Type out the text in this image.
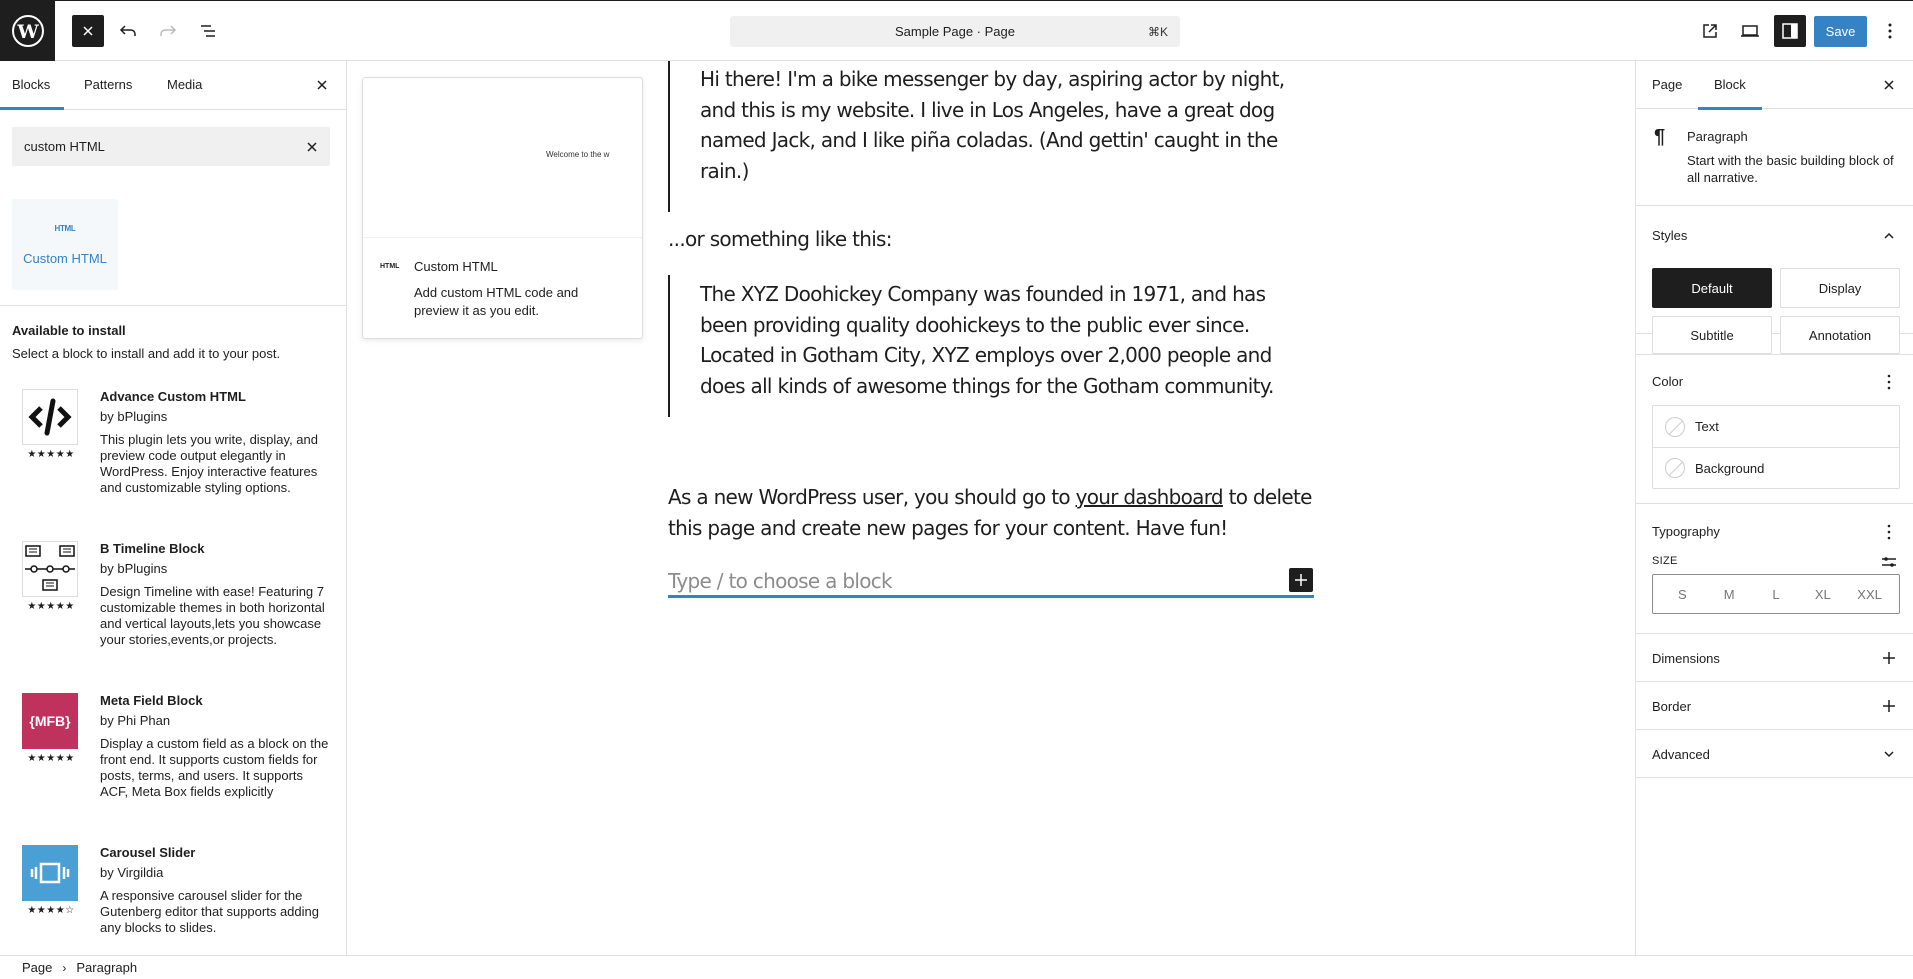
W	Sample Page · Page	⌘K	Save
Blocks	Patterns	Media
custom HTML
HTML
Custom HTML
Available to install
Select a block to install and add it to your post.
★★★★★
Advance Custom HTML
by bPlugins
This plugin lets you write, display, and preview code output elegantly in WordPress. Enjoy interactive features and customizable styling options.
★★★★★
B Timeline Block
by bPlugins
Design Timeline with ease! Featuring 7 customizable themes in both horizontal and vertical layouts,lets you showcase your stories,events,or projects.
{MFB}
★★★★★
Meta Field Block
by Phi Phan
Display a custom field as a block on the front end. It supports custom fields for posts, terms, and users. It supports ACF, Meta Box fields explicitly
★★★★☆
Carousel Slider
by Virgildia
A responsive carousel slider for the Gutenberg editor that supports adding any blocks to slides.
Hi there! I'm a bike messenger by day, aspiring actor by night, and this is my website. I live in Los Angeles, have a great dog named Jack, and I like piña coladas. (And gettin' caught in the rain.)
...or something like this:
The XYZ Doohickey Company was founded in 1971, and has been providing quality doohickeys to the public ever since. Located in Gotham City, XYZ employs over 2,000 people and does all kinds of awesome things for the Gotham community.
As a new WordPress user, you should go to your dashboard to delete this page and create new pages for your content. Have fun!
Type / to choose a block
Welcome to the w
HTML Custom HTML
Add custom HTML code and preview it as you edit.
Page Block
¶ Paragraph
Start with the basic building block of all narrative.
Styles
Default	Display
Subtitle	Annotation
Color
Text
Background
Typography
SIZE
S	M	L	XL	XXL
Dimensions
Border
Advanced
Page › Paragraph
